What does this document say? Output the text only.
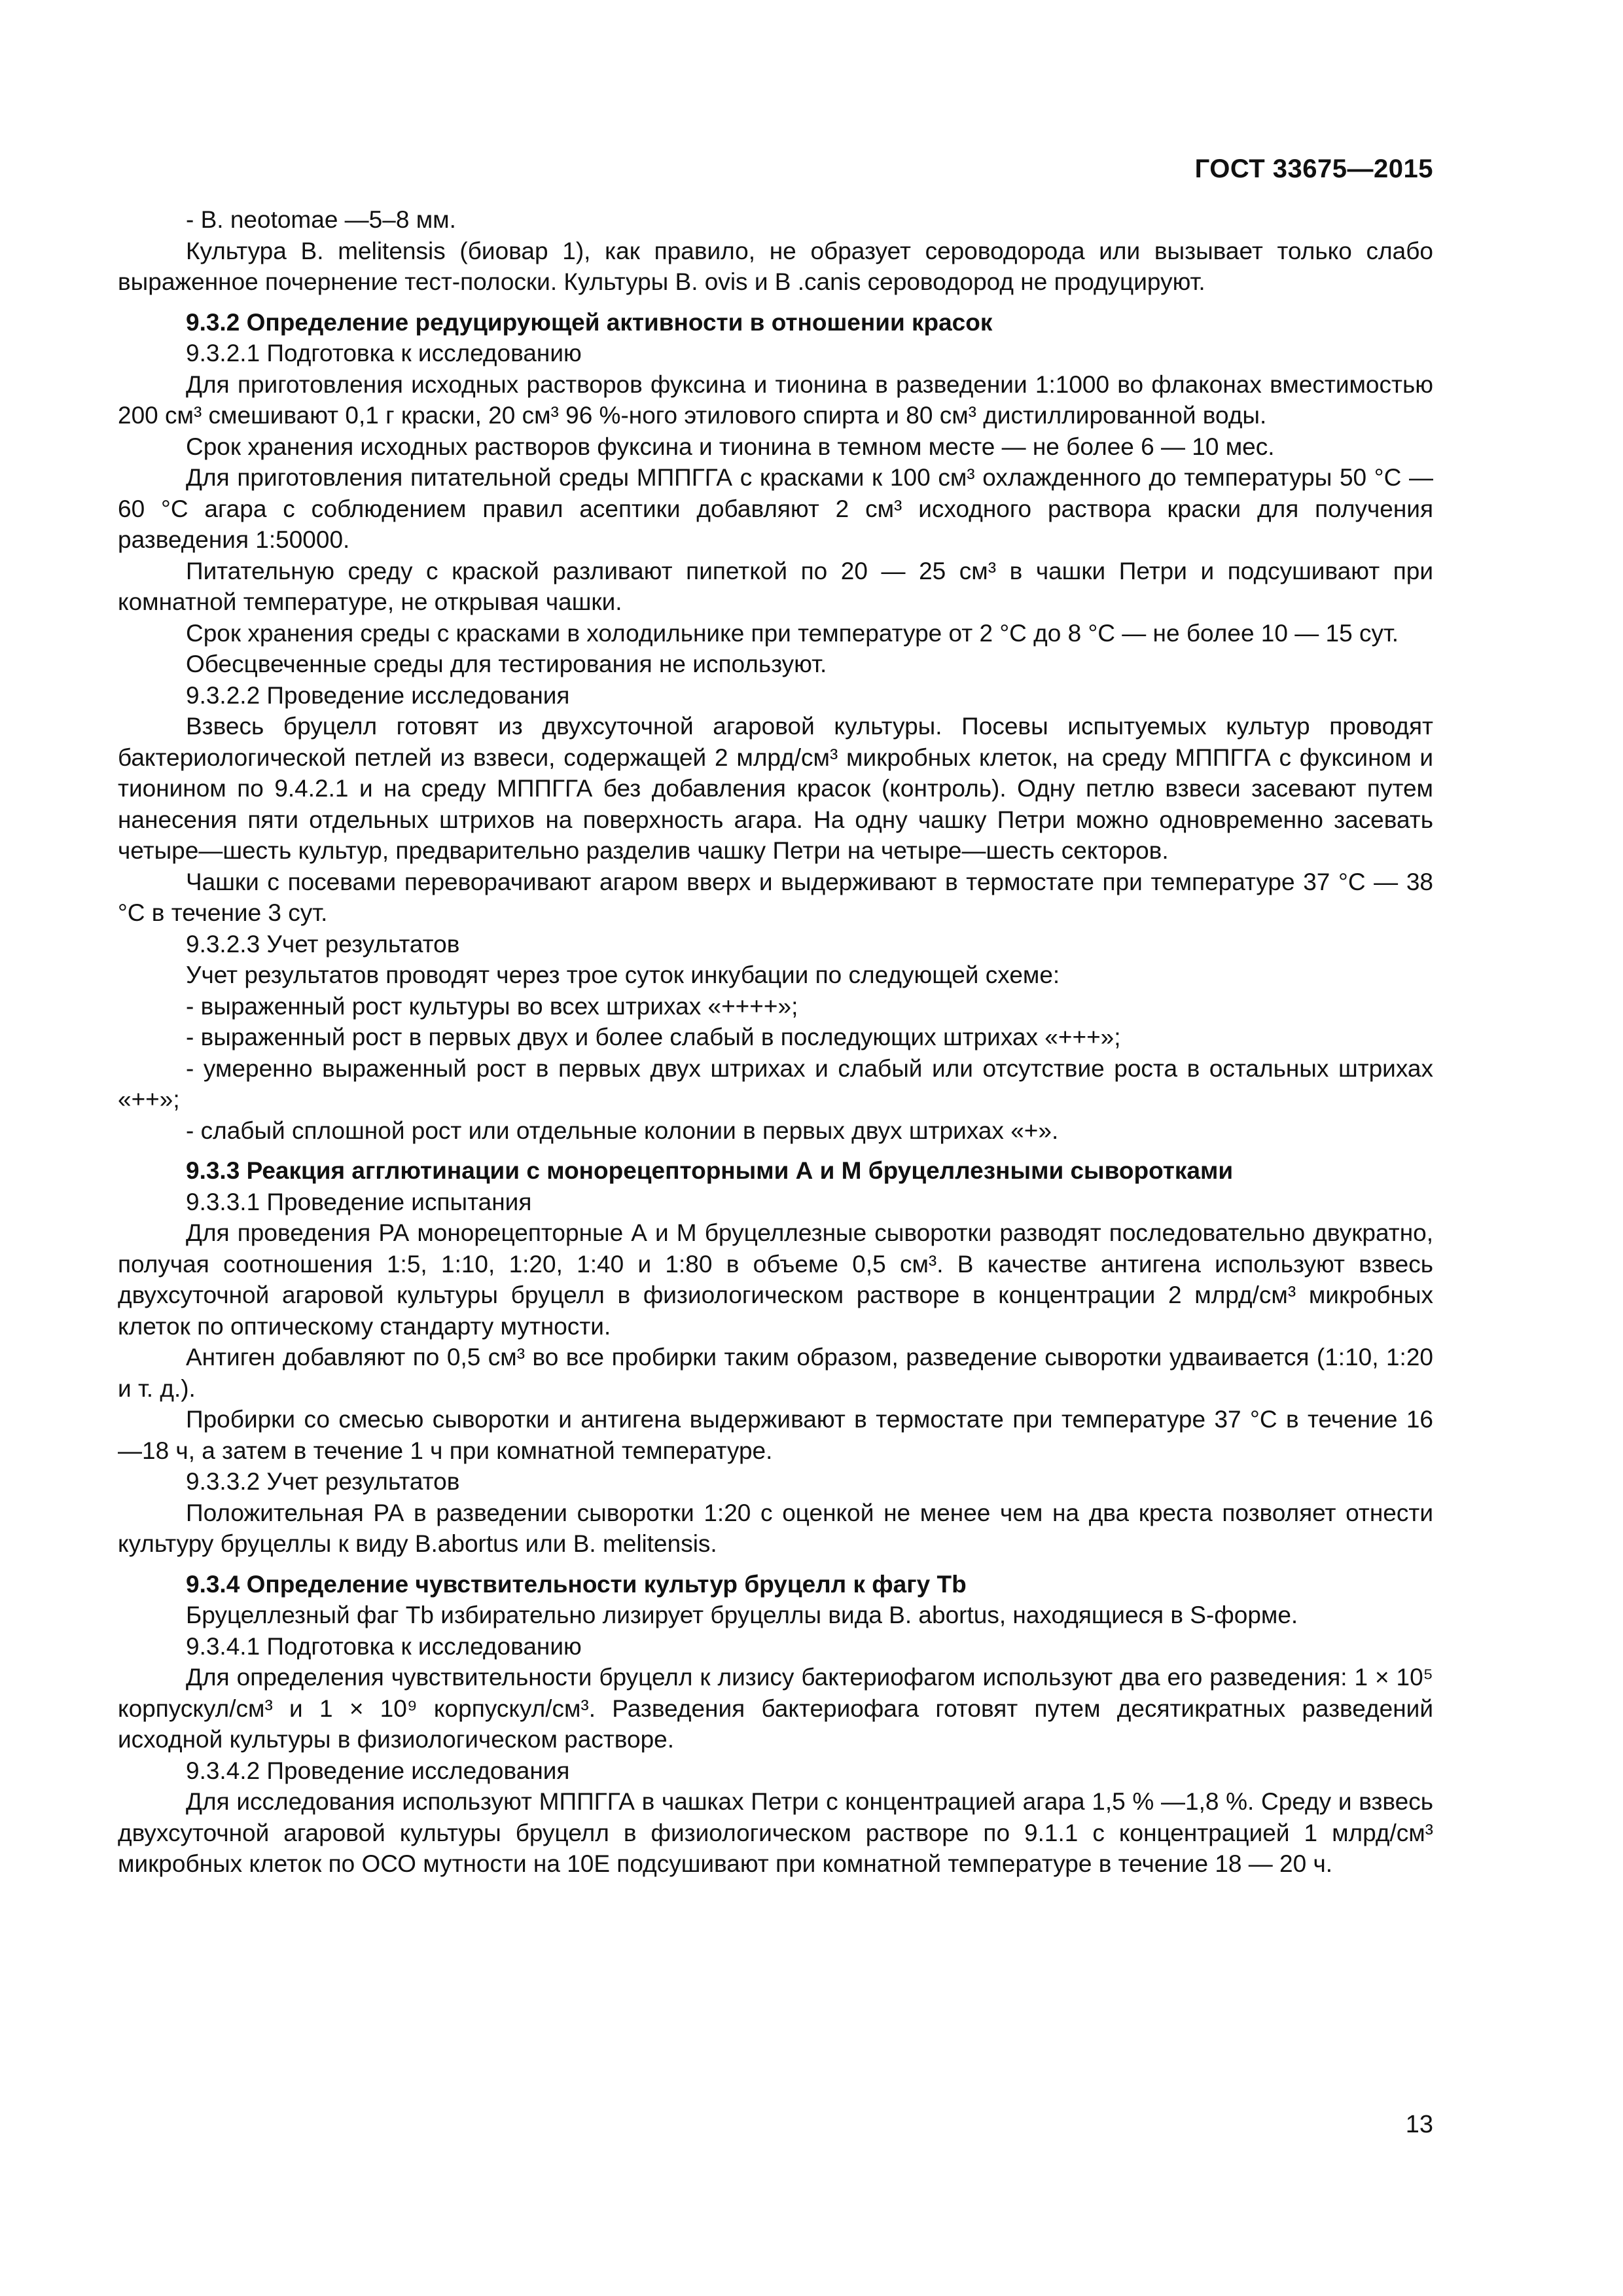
ГОСТ 33675—2015

- B. neotomae —5–8 мм.

Культура B. melitensis (биовар 1), как правило, не образует сероводорода или вызывает только слабо выраженное почернение тест-полоски. Культуры B. ovis и B .canis сероводород не продуцируют.

9.3.2 Определение редуцирующей активности в отношении красок

9.3.2.1 Подготовка к исследованию

Для приготовления исходных растворов фуксина и тионина в разведении 1:1000 во флаконах вместимостью 200 см³ смешивают 0,1 г краски, 20 см³ 96 %-ного этилового спирта и 80 см³ дистиллированной воды.

Срок хранения исходных растворов фуксина и тионина в темном месте — не более 6 — 10 мес.

Для приготовления питательной среды МППГГА с красками к 100 см³ охлажденного до температуры 50 °С — 60 °С агара с соблюдением правил асептики добавляют 2 см³ исходного раствора краски для получения разведения 1:50000.

Питательную среду с краской разливают пипеткой по 20 — 25 см³ в чашки Петри и подсушивают при комнатной температуре, не открывая чашки.

Срок хранения среды с красками в холодильнике при температуре от 2 °С до 8 °С — не более 10 — 15 сут.

Обесцвеченные среды для тестирования не используют.

9.3.2.2 Проведение исследования

Взвесь бруцелл готовят из двухсуточной агаровой культуры. Посевы испытуемых культур проводят бактериологической петлей из взвеси, содержащей 2 млрд/см³ микробных клеток, на среду МППГГА с фуксином и тионином по 9.4.2.1 и на среду МППГГА без добавления красок (контроль). Одну петлю взвеси засевают путем нанесения пяти отдельных штрихов на поверхность агара. На одну чашку Петри можно одновременно засевать четыре—шесть культур, предварительно разделив чашку Петри на четыре—шесть секторов.

Чашки с посевами переворачивают агаром вверх и выдерживают в термостате при температуре 37 °С — 38 °С в течение 3 сут.

9.3.2.3 Учет результатов

Учет результатов проводят через трое суток инкубации по следующей схеме:

- выраженный рост культуры во всех штрихах «++++»;

- выраженный рост в первых двух и более слабый в последующих штрихах «+++»;

- умеренно выраженный рост в первых двух штрихах и слабый или отсутствие роста в остальных штрихах «++»;

- слабый сплошной рост или отдельные колонии в первых двух штрихах «+».

9.3.3 Реакция агглютинации с монорецепторными А и М бруцеллезными сыворотками

9.3.3.1 Проведение испытания

Для проведения РА монорецепторные А и М бруцеллезные сыворотки разводят последовательно двукратно, получая соотношения 1:5, 1:10, 1:20, 1:40 и 1:80 в объеме 0,5 см³. В качестве антигена используют взвесь двухсуточной агаровой культуры бруцелл в физиологическом растворе в концентрации 2 млрд/см³ микробных клеток по оптическому стандарту мутности.

Антиген добавляют по 0,5 см³ во все пробирки таким образом, разведение сыворотки удваивается (1:10, 1:20 и т. д.).

Пробирки со смесью сыворотки и антигена выдерживают в термостате при температуре 37 °С в течение 16 —18 ч, а затем в течение 1 ч при комнатной температуре.

9.3.3.2 Учет результатов

Положительная РА в разведении сыворотки 1:20 с оценкой не менее чем на два креста позволяет отнести культуру бруцеллы к виду B.abortus или B. melitensis.

9.3.4 Определение чувствительности культур бруцелл к фагу Tb

Бруцеллезный фаг Tb избирательно лизирует бруцеллы вида B. abortus, находящиеся в S-форме.

9.3.4.1 Подготовка к исследованию

Для определения чувствительности бруцелл к лизису бактериофагом используют два его разведения: 1 × 10⁵ корпускул/см³ и 1 × 10⁹ корпускул/см³. Разведения бактериофага готовят путем десятикратных разведений исходной культуры в физиологическом растворе.

9.3.4.2 Проведение исследования

Для исследования используют МППГГА в чашках Петри с концентрацией агара 1,5 % —1,8 %. Среду и взвесь двухсуточной агаровой культуры бруцелл в физиологическом растворе по 9.1.1 с концентрацией 1 млрд/см³ микробных клеток по ОСО мутности на 10Е подсушивают при комнатной температуре в течение 18 — 20 ч.

13
